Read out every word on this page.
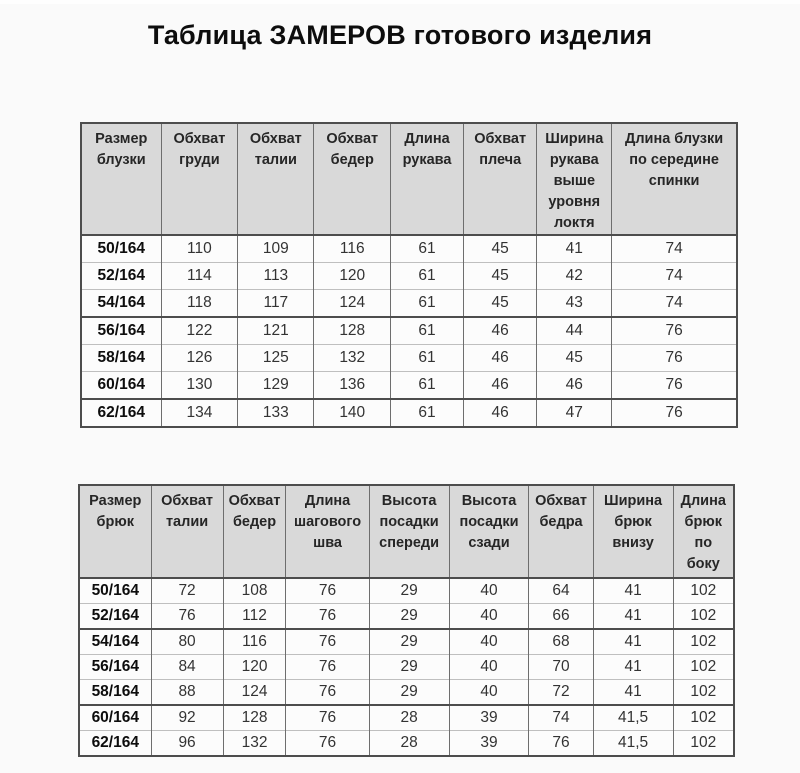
Таблица ЗАМЕРОВ готового изделия
Размер блузки	Обхват груди	Обхват талии	Обхват бедер	Длина рукава	Обхват плеча	Ширина рукава выше уровня локтя	Длина блузки по середине спинки
50/164	110	109	116	61	45	41	74
52/164	114	113	120	61	45	42	74
54/164	118	117	124	61	45	43	74
56/164	122	121	128	61	46	44	76
58/164	126	125	132	61	46	45	76
60/164	130	129	136	61	46	46	76
62/164	134	133	140	61	46	47	76
Размер брюк	Обхват талии	Обхват бедер	Длина шагового шва	Высота посадки спереди	Высота посадки сзади	Обхват бедра	Ширина брюк внизу	Длина брюк по боку
50/164	72	108	76	29	40	64	41	102
52/164	76	112	76	29	40	66	41	102
54/164	80	116	76	29	40	68	41	102
56/164	84	120	76	29	40	70	41	102
58/164	88	124	76	29	40	72	41	102
60/164	92	128	76	28	39	74	41,5	102
62/164	96	132	76	28	39	76	41,5	102
